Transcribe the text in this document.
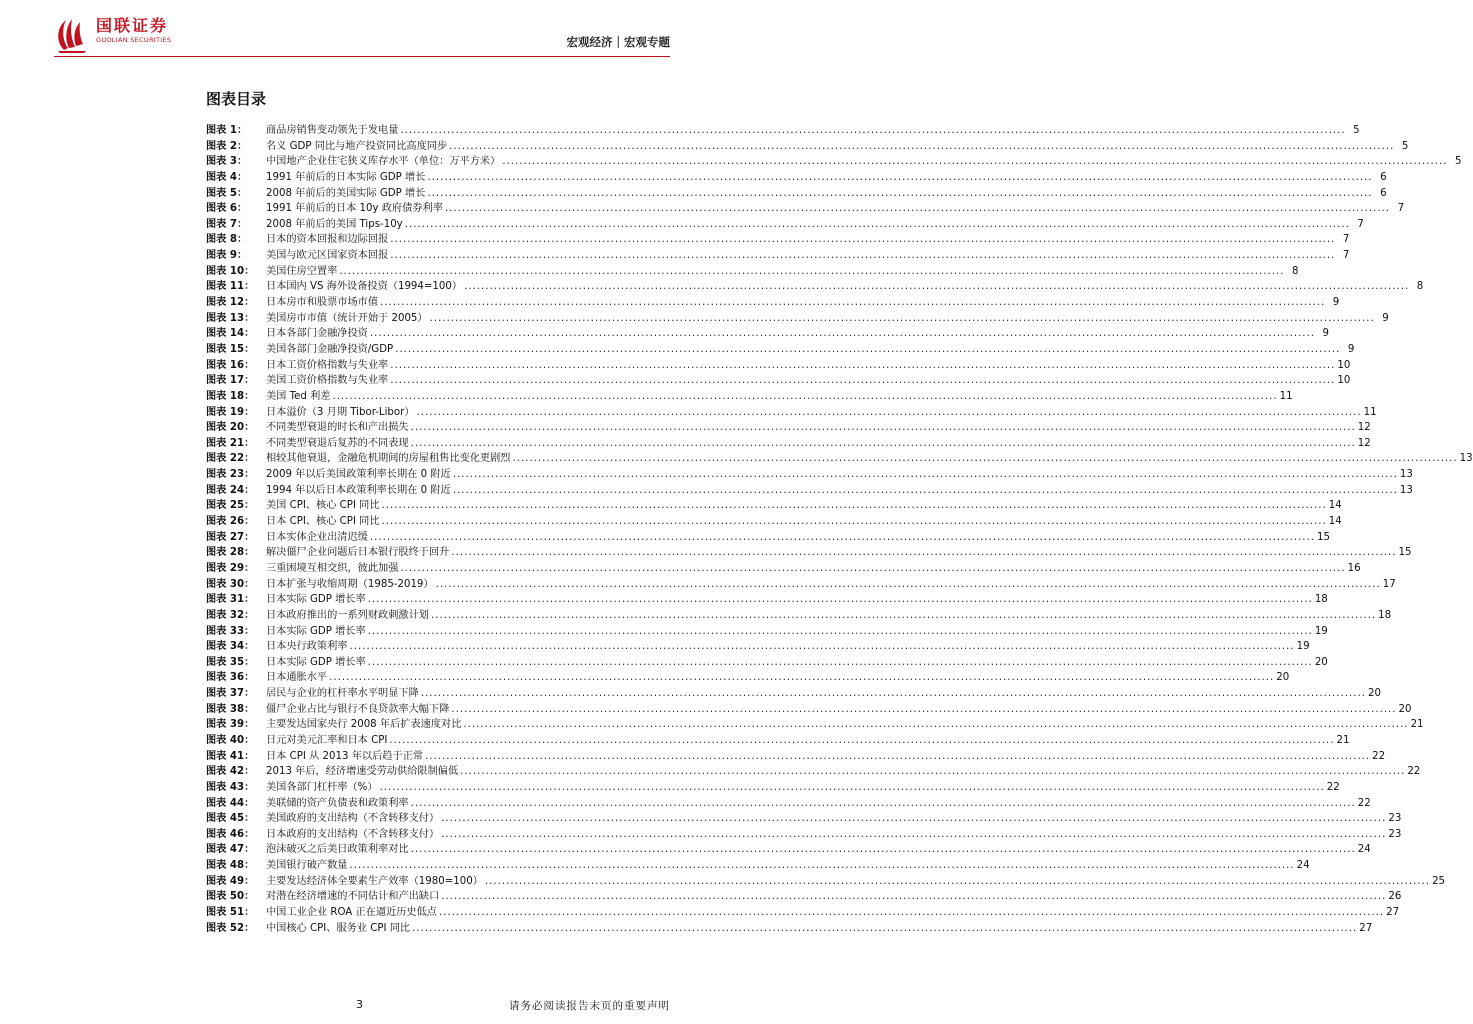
国联证券
GUOLIAN SECURITIES	宏观经济｜宏观专题
图表目录
图表 1：	商品房销售变动领先于发电量 .....	5
图表 2：	名义 GDP 同比与地产投资同比高度同步 .....	5
图表 3：	中国地产企业住宅狭义库存水平（单位：万平方米） .....	5
图表 4：	1991 年前后的日本实际 GDP 增长 .....	6
图表 5：	2008 年前后的美国实际 GDP 增长 .....	6
图表 6：	1991 年前后的日本 10y 政府债券利率 .....	7
图表 7：	2008 年前后的美国 Tips-10y .....	7
图表 8：	日本的资本回报和边际回报 .....	7
图表 9：	美国与欧元区国家资本回报 .....	7
图表 10：	美国住房空置率 .....	8
图表 11：	日本国内 VS 海外设备投资（1994=100） .....	8
图表 12：	日本房市和股票市场市值 .....	9
图表 13：	美国房市市值（统计开始于 2005） .....	9
图表 14：	日本各部门金融净投资 .....	9
图表 15：	美国各部门金融净投资/GDP .....	9
图表 16：	日本工资价格指数与失业率 .....	10
图表 17：	美国工资价格指数与失业率 .....	10
图表 18：	美国 Ted 利差 .....	11
图表 19：	日本溢价（3 月期 Tibor-Libor） .....	11
图表 20：	不同类型衰退的时长和产出损失 .....	12
图表 21：	不同类型衰退后复苏的不同表现 .....	12
图表 22：	相较其他衰退，金融危机期间的房屋租售比变化更剧烈 .....	13
图表 23：	2009 年以后美国政策利率长期在 0 附近 .....	13
图表 24：	1994 年以后日本政策利率长期在 0 附近 .....	13
图表 25：	美国 CPI、核心 CPI 同比 .....	14
图表 26：	日本 CPI、核心 CPI 同比 .....	14
图表 27：	日本实体企业出清迟缓 .....	15
图表 28：	解决僵尸企业问题后日本银行股终于回升 .....	15
图表 29：	三重困境互相交织，彼此加强 .....	16
图表 30：	日本扩张与收缩周期（1985-2019） .....	17
图表 31：	日本实际 GDP 增长率 .....	18
图表 32：	日本政府推出的一系列财政刺激计划 .....	18
图表 33：	日本实际 GDP 增长率 .....	19
图表 34：	日本央行政策利率 .....	19
图表 35：	日本实际 GDP 增长率 .....	20
图表 36：	日本通胀水平 .....	20
图表 37：	居民与企业的杠杆率水平明显下降 .....	20
图表 38：	僵尸企业占比与银行不良贷款率大幅下降 .....	20
图表 39：	主要发达国家央行 2008 年后扩表速度对比 .....	21
图表 40：	日元对美元汇率和日本 CPI .....	21
图表 41：	日本 CPI 从 2013 年以后趋于正常 .....	22
图表 42：	2013 年后，经济增速受劳动供给限制偏低 .....	22
图表 43：	美国各部门杠杆率（%） .....	22
图表 44：	美联储的资产负债表和政策利率 .....	22
图表 45：	美国政府的支出结构（不含转移支付） .....	23
图表 46：	日本政府的支出结构（不含转移支付） .....	23
图表 47：	泡沫破灭之后美日政策利率对比 .....	24
图表 48：	美国银行破产数量 .....	24
图表 49：	主要发达经济体全要素生产效率（1980=100） .....	25
图表 50：	对潜在经济增速的不同估计和产出缺口 .....	26
图表 51：	中国工业企业 ROA 正在逼近历史低点 .....	27
图表 52：	中国核心 CPI、服务业 CPI 同比 .....	27
3	请务必阅读报告末页的重要声明
